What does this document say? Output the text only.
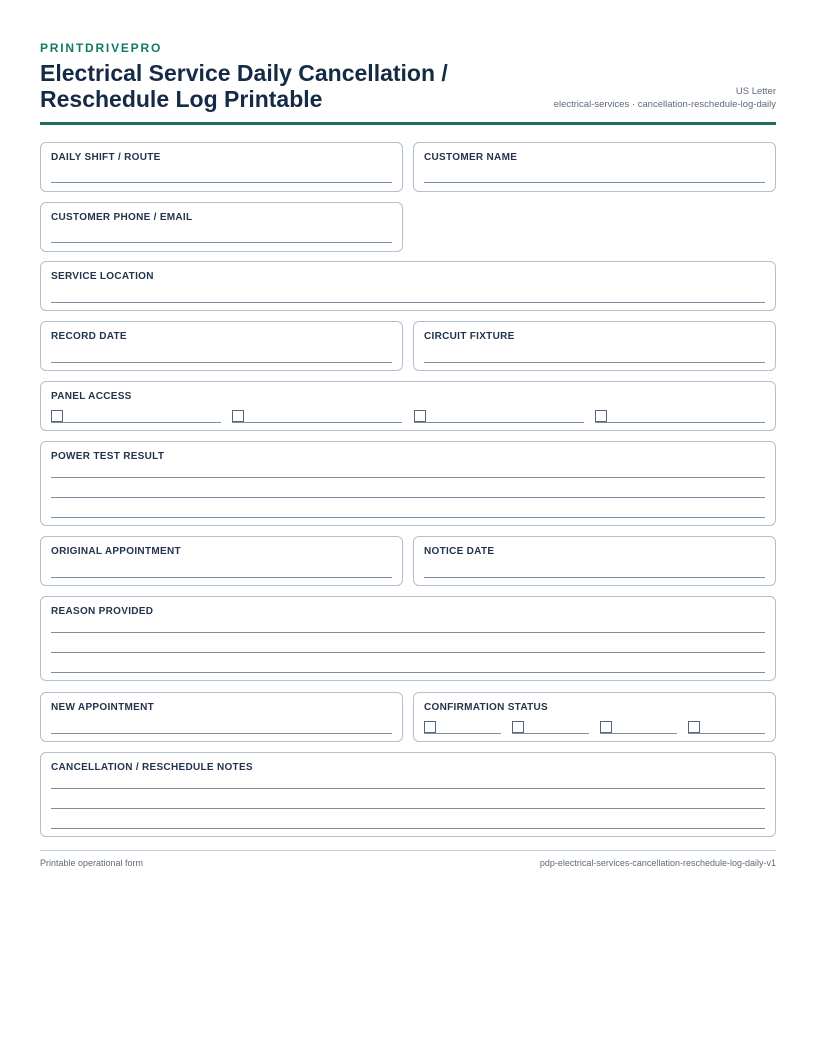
PRINTDRIVEPRO
Electrical Service Daily Cancellation / Reschedule Log Printable	US Letter
electrical-services · cancellation-reschedule-log-daily
DAILY SHIFT / ROUTE	CUSTOMER NAME
CUSTOMER PHONE / EMAIL
SERVICE LOCATION
RECORD DATE	CIRCUIT FIXTURE
PANEL ACCESS
POWER TEST RESULT
ORIGINAL APPOINTMENT	NOTICE DATE
REASON PROVIDED
NEW APPOINTMENT	CONFIRMATION STATUS
CANCELLATION / RESCHEDULE NOTES
Printable operational form	pdp-electrical-services-cancellation-reschedule-log-daily-v1
